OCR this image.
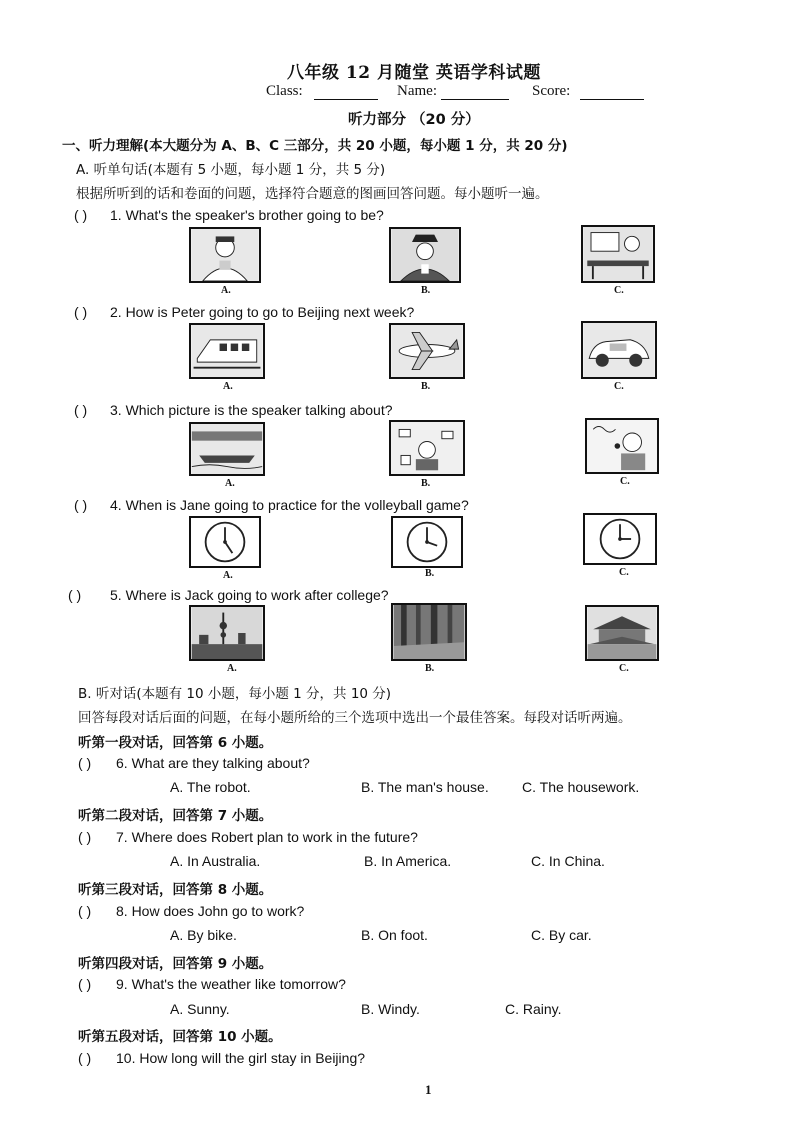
八年级 12 月随堂 英语学科试题
Class:	Name:	Score:
听力部分 （20 分）
一、听力理解(本大题分为 A、B、C 三部分，共 20 小题，每小题 1 分，共 20 分)
A. 听单句话(本题有 5 小题，每小题 1 分，共 5 分)
根据所听到的话和卷面的问题，选择符合题意的图画回答问题。每小题听一遍。
( ) 1. What's the speaker's brother going to be?
A.	B.	C.
( ) 2. How is Peter going to go to Beijing next week?
A.	B.	C.
( ) 3. Which picture is the speaker talking about?
A.	B.	C.
( ) 4. When is Jane going to practice for the volleyball game?
A.	B.	C.
( ) 5. Where is Jack going to work after college?
A.	B.	C.
B. 听对话(本题有 10 小题，每小题 1 分，共 10 分)
回答每段对话后面的问题，在每小题所给的三个选项中选出一个最佳答案。每段对话听两遍。
听第一段对话，回答第 6 小题。
( ) 6. What are they talking about?
A. The robot.	B. The man's house. C. The housework.
听第二段对话，回答第 7 小题。
( ) 7. Where does Robert plan to work in the future?
A. In Australia.	B. In America.	C. In China.
听第三段对话，回答第 8 小题。
( ) 8. How does John go to work?
A. By bike.	B. On foot.	C. By car.
听第四段对话，回答第 9 小题。
( ) 9. What's the weather like tomorrow?
A. Sunny.	B. Windy.	C. Rainy.
听第五段对话，回答第 10 小题。
( ) 10. How long will the girl stay in Beijing?
1
